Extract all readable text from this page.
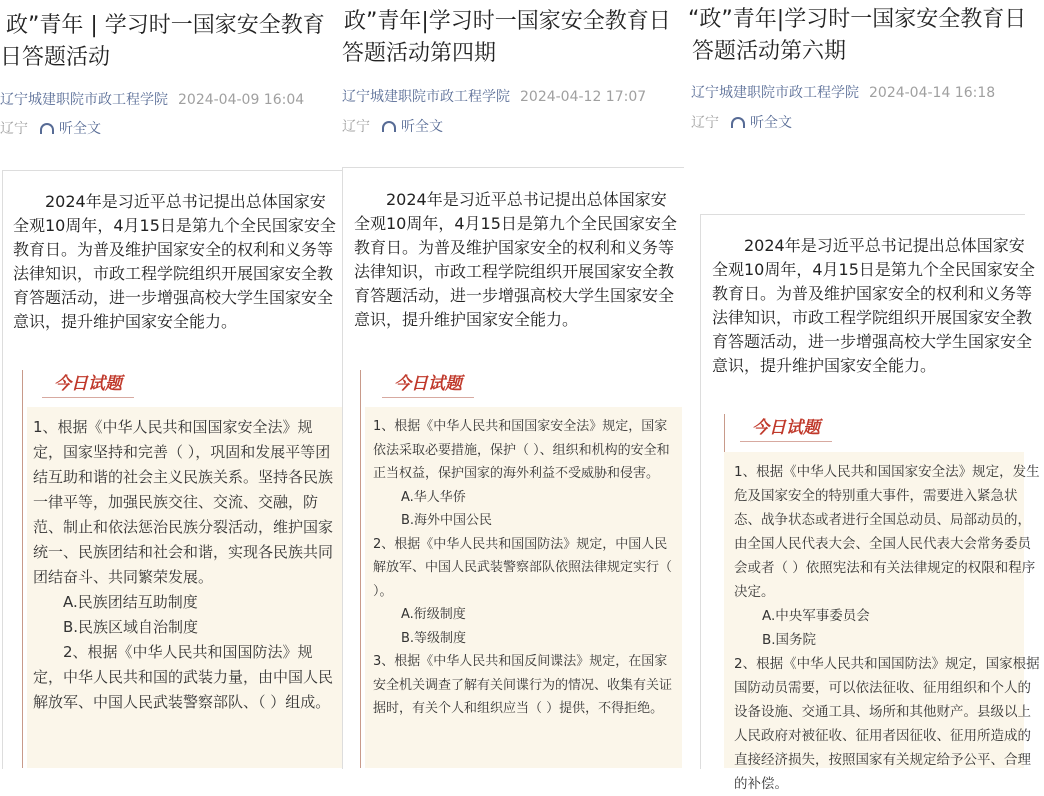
政”青年 | 学习时一国家安全教育
日答题活动
辽宁城建职院市政工程学院 2024-04-09 16:04
辽宁 听全文

2024年是习近平总书记提出总体国家安全观10周年，4月15日是第九个全民国家安全教育日。为普及维护国家安全的权利和义务等法律知识，市政工程学院组织开展国家安全教育答题活动，进一步增强高校大学生国家安全意识，提升维护国家安全能力。

今日试题

1、根据《中华人民共和国国家安全法》规定，国家坚持和完善（ ），巩固和发展平等团结互助和谐的社会主义民族关系。坚持各民族一律平等，加强民族交往、交流、交融，防范、制止和依法惩治民族分裂活动，维护国家统一、民族团结和社会和谐，实现各民族共同团结奋斗、共同繁荣发展。

A.民族团结互助制度

B.民族区域自治制度

2、根据《中华人民共和国国防法》规定，中华人民共和国的武装力量，由中国人民解放军、中国人民武装警察部队、（ ）组成。

政”青年|学习时一国家安全教育日
答题活动第四期
辽宁城建职院市政工程学院 2024-04-12 17:07
辽宁 听全文

2024年是习近平总书记提出总体国家安全观10周年，4月15日是第九个全民国家安全教育日。为普及维护国家安全的权利和义务等法律知识，市政工程学院组织开展国家安全教育答题活动，进一步增强高校大学生国家安全意识，提升维护国家安全能力。

今日试题

1、根据《中华人民共和国国家安全法》规定，国家依法采取必要措施，保护（ ）、组织和机构的安全和正当权益，保护国家的海外利益不受威胁和侵害。

A.华人华侨

B.海外中国公民

2、根据《中华人民共和国国防法》规定，中国人民解放军、中国人民武装警察部队依照法律规定实行（ ）。

A.衔级制度

B.等级制度

3、根据《中华人民共和国反间谍法》规定，在国家安全机关调查了解有关间谍行为的情况、收集有关证据时，有关个人和组织应当（ ）提供，不得拒绝。

“政”青年|学习时一国家安全教育日
答题活动第六期
辽宁城建职院市政工程学院 2024-04-14 16:18
辽宁 听全文

2024年是习近平总书记提出总体国家安全观10周年，4月15日是第九个全民国家安全教育日。为普及维护国家安全的权利和义务等法律知识，市政工程学院组织开展国家安全教育答题活动，进一步增强高校大学生国家安全意识，提升维护国家安全能力。

今日试题

1、根据《中华人民共和国国家安全法》规定，发生危及国家安全的特别重大事件，需要进入紧急状态、战争状态或者进行全国总动员、局部动员的，由全国人民代表大会、全国人民代表大会常务委员会或者（ ）依照宪法和有关法律规定的权限和程序决定。

A.中央军事委员会

B.国务院

2、根据《中华人民共和国国防法》规定，国家根据国防动员需要，可以依法征收、征用组织和个人的设备设施、交通工具、场所和其他财产。县级以上人民政府对被征收、征用者因征收、征用所造成的直接经济损失，按照国家有关规定给予公平、合理的补偿。
